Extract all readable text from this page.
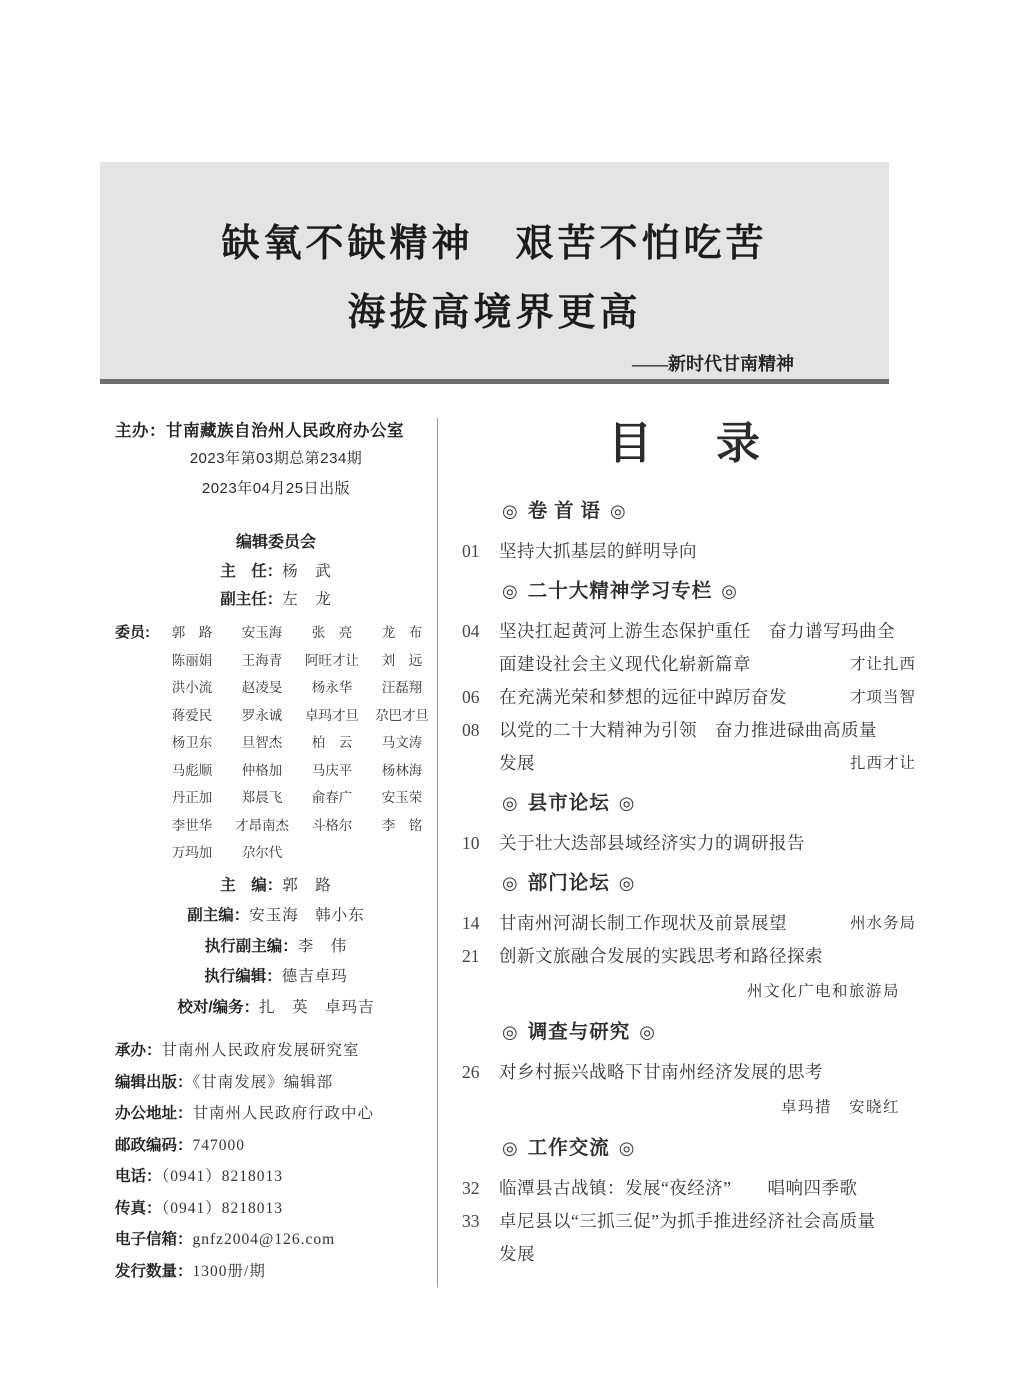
缺氧不缺精神　艰苦不怕吃苦
海拔高境界更高
——新时代甘南精神
主办：甘南藏族自治州人民政府办公室
2023年第03期总第234期
2023年04月25日出版
编辑委员会
主　任：杨　武
副主任：左　龙
委员:	郭　路	安玉海	张　亮	龙　布
陈丽娟	王海青	阿旺才让	刘　远
洪小流	赵凌旻	杨永华	汪磊翔
蒋爱民	罗永诚	卓玛才旦	尕巴才旦
杨卫东	旦智杰	柏　云	马文涛
马彪顺	仲格加	马庆平	杨林海
丹正加	郑晨飞	俞春广	安玉荣
李世华	才昂南杰	斗格尔	李　铭
万玛加	尕尔代
主　编：郭　路
副主编：安玉海　韩小东
执行副主编：李　伟
执行编辑：德吉卓玛
校对/编务：扎　英　卓玛吉
承办：甘南州人民政府发展研究室
编辑出版：《甘南发展》编辑部
办公地址：甘南州人民政府行政中心
邮政编码：747000
电话：（0941）8218013
传真：（0941）8218013
电子信箱：gnfz2004@126.com
发行数量：1300册/期
目　录
◎ 卷 首 语 ◎
01	坚持大抓基层的鲜明导向
◎ 二十大精神学习专栏 ◎
04	坚决扛起黄河上游生态保护重任　奋力谱写玛曲全
面建设社会主义现代化崭新篇章	才让扎西
06	在充满光荣和梦想的远征中踔厉奋发	才项当智
08	以党的二十大精神为引领　奋力推进碌曲高质量
发展	扎西才让
◎ 县市论坛 ◎
10	关于壮大迭部县域经济实力的调研报告
◎ 部门论坛 ◎
14	甘南州河湖长制工作现状及前景展望	州水务局
21	创新文旅融合发展的实践思考和路径探索
州文化广电和旅游局
◎ 调查与研究 ◎
26	对乡村振兴战略下甘南州经济发展的思考
卓玛措　安晓红
◎ 工作交流 ◎
32	临潭县古战镇：发展“夜经济”　　唱响四季歌
33	卓尼县以“三抓三促”为抓手推进经济社会高质量
发展
